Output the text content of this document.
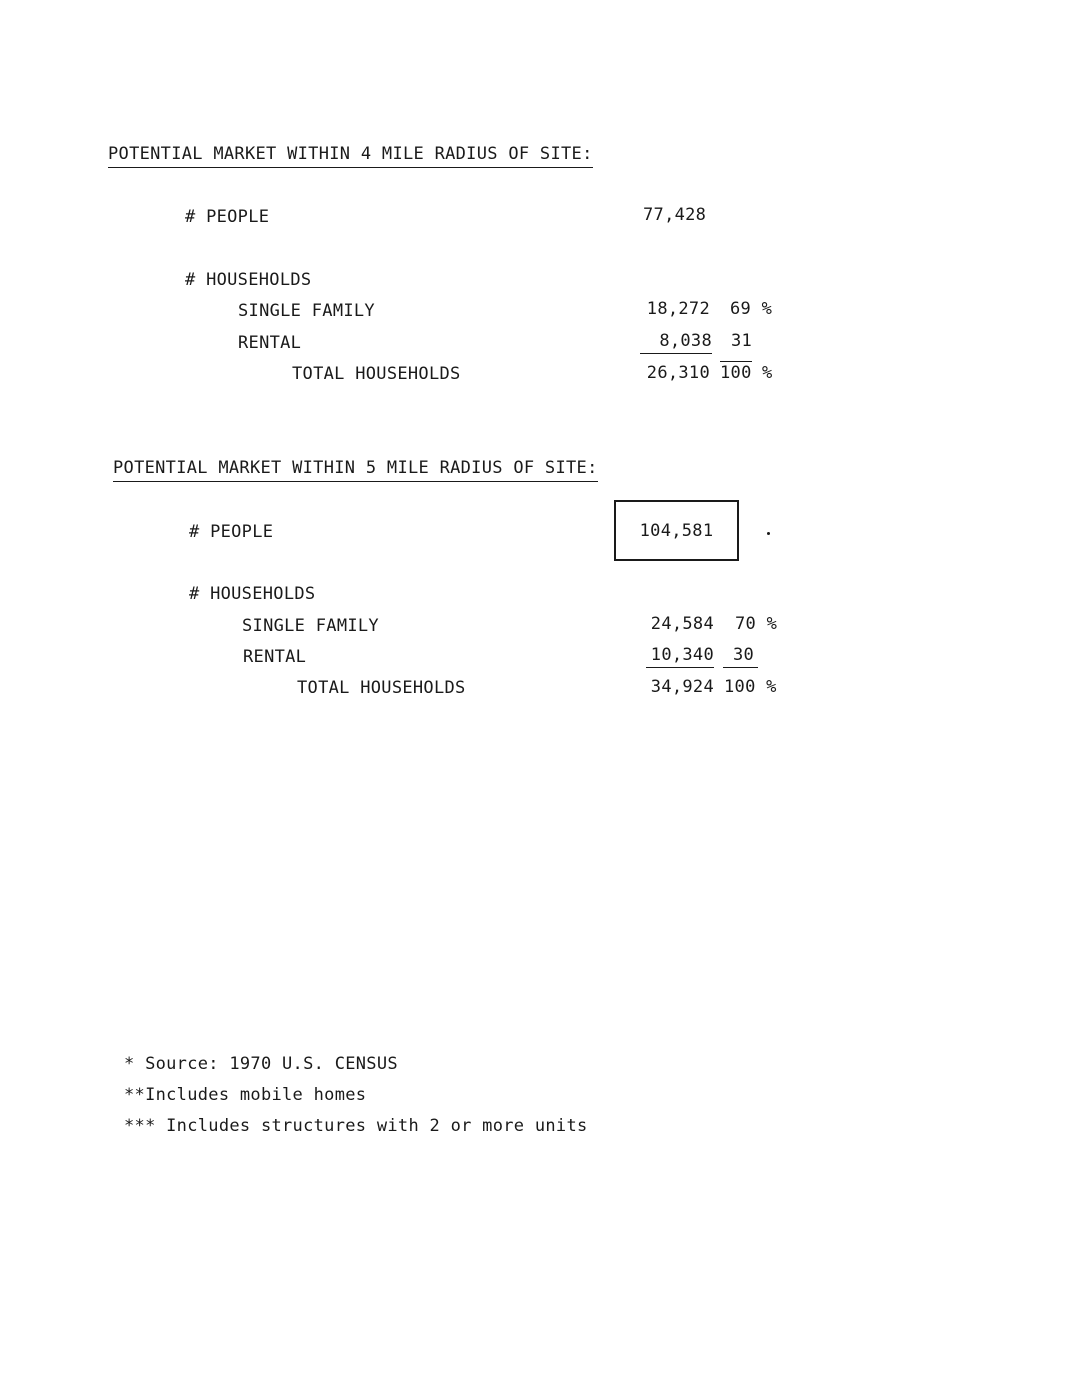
POTENTIAL MARKET WITHIN 4 MILE RADIUS OF SITE:
# PEOPLE	77,428
# HOUSEHOLDS
SINGLE FAMILY	18,272 69 %
RENTAL	8,038 31
TOTAL HOUSEHOLDS	26,310 100 %
POTENTIAL MARKET WITHIN 5 MILE RADIUS OF SITE:
# PEOPLE	104,581
# HOUSEHOLDS
SINGLE FAMILY	24,584 70 %
RENTAL	10,340	30
TOTAL HOUSEHOLDS	34,924 100 %
* Source: 1970 U.S. CENSUS
**Includes mobile homes
*** Includes structures with 2 or more units
